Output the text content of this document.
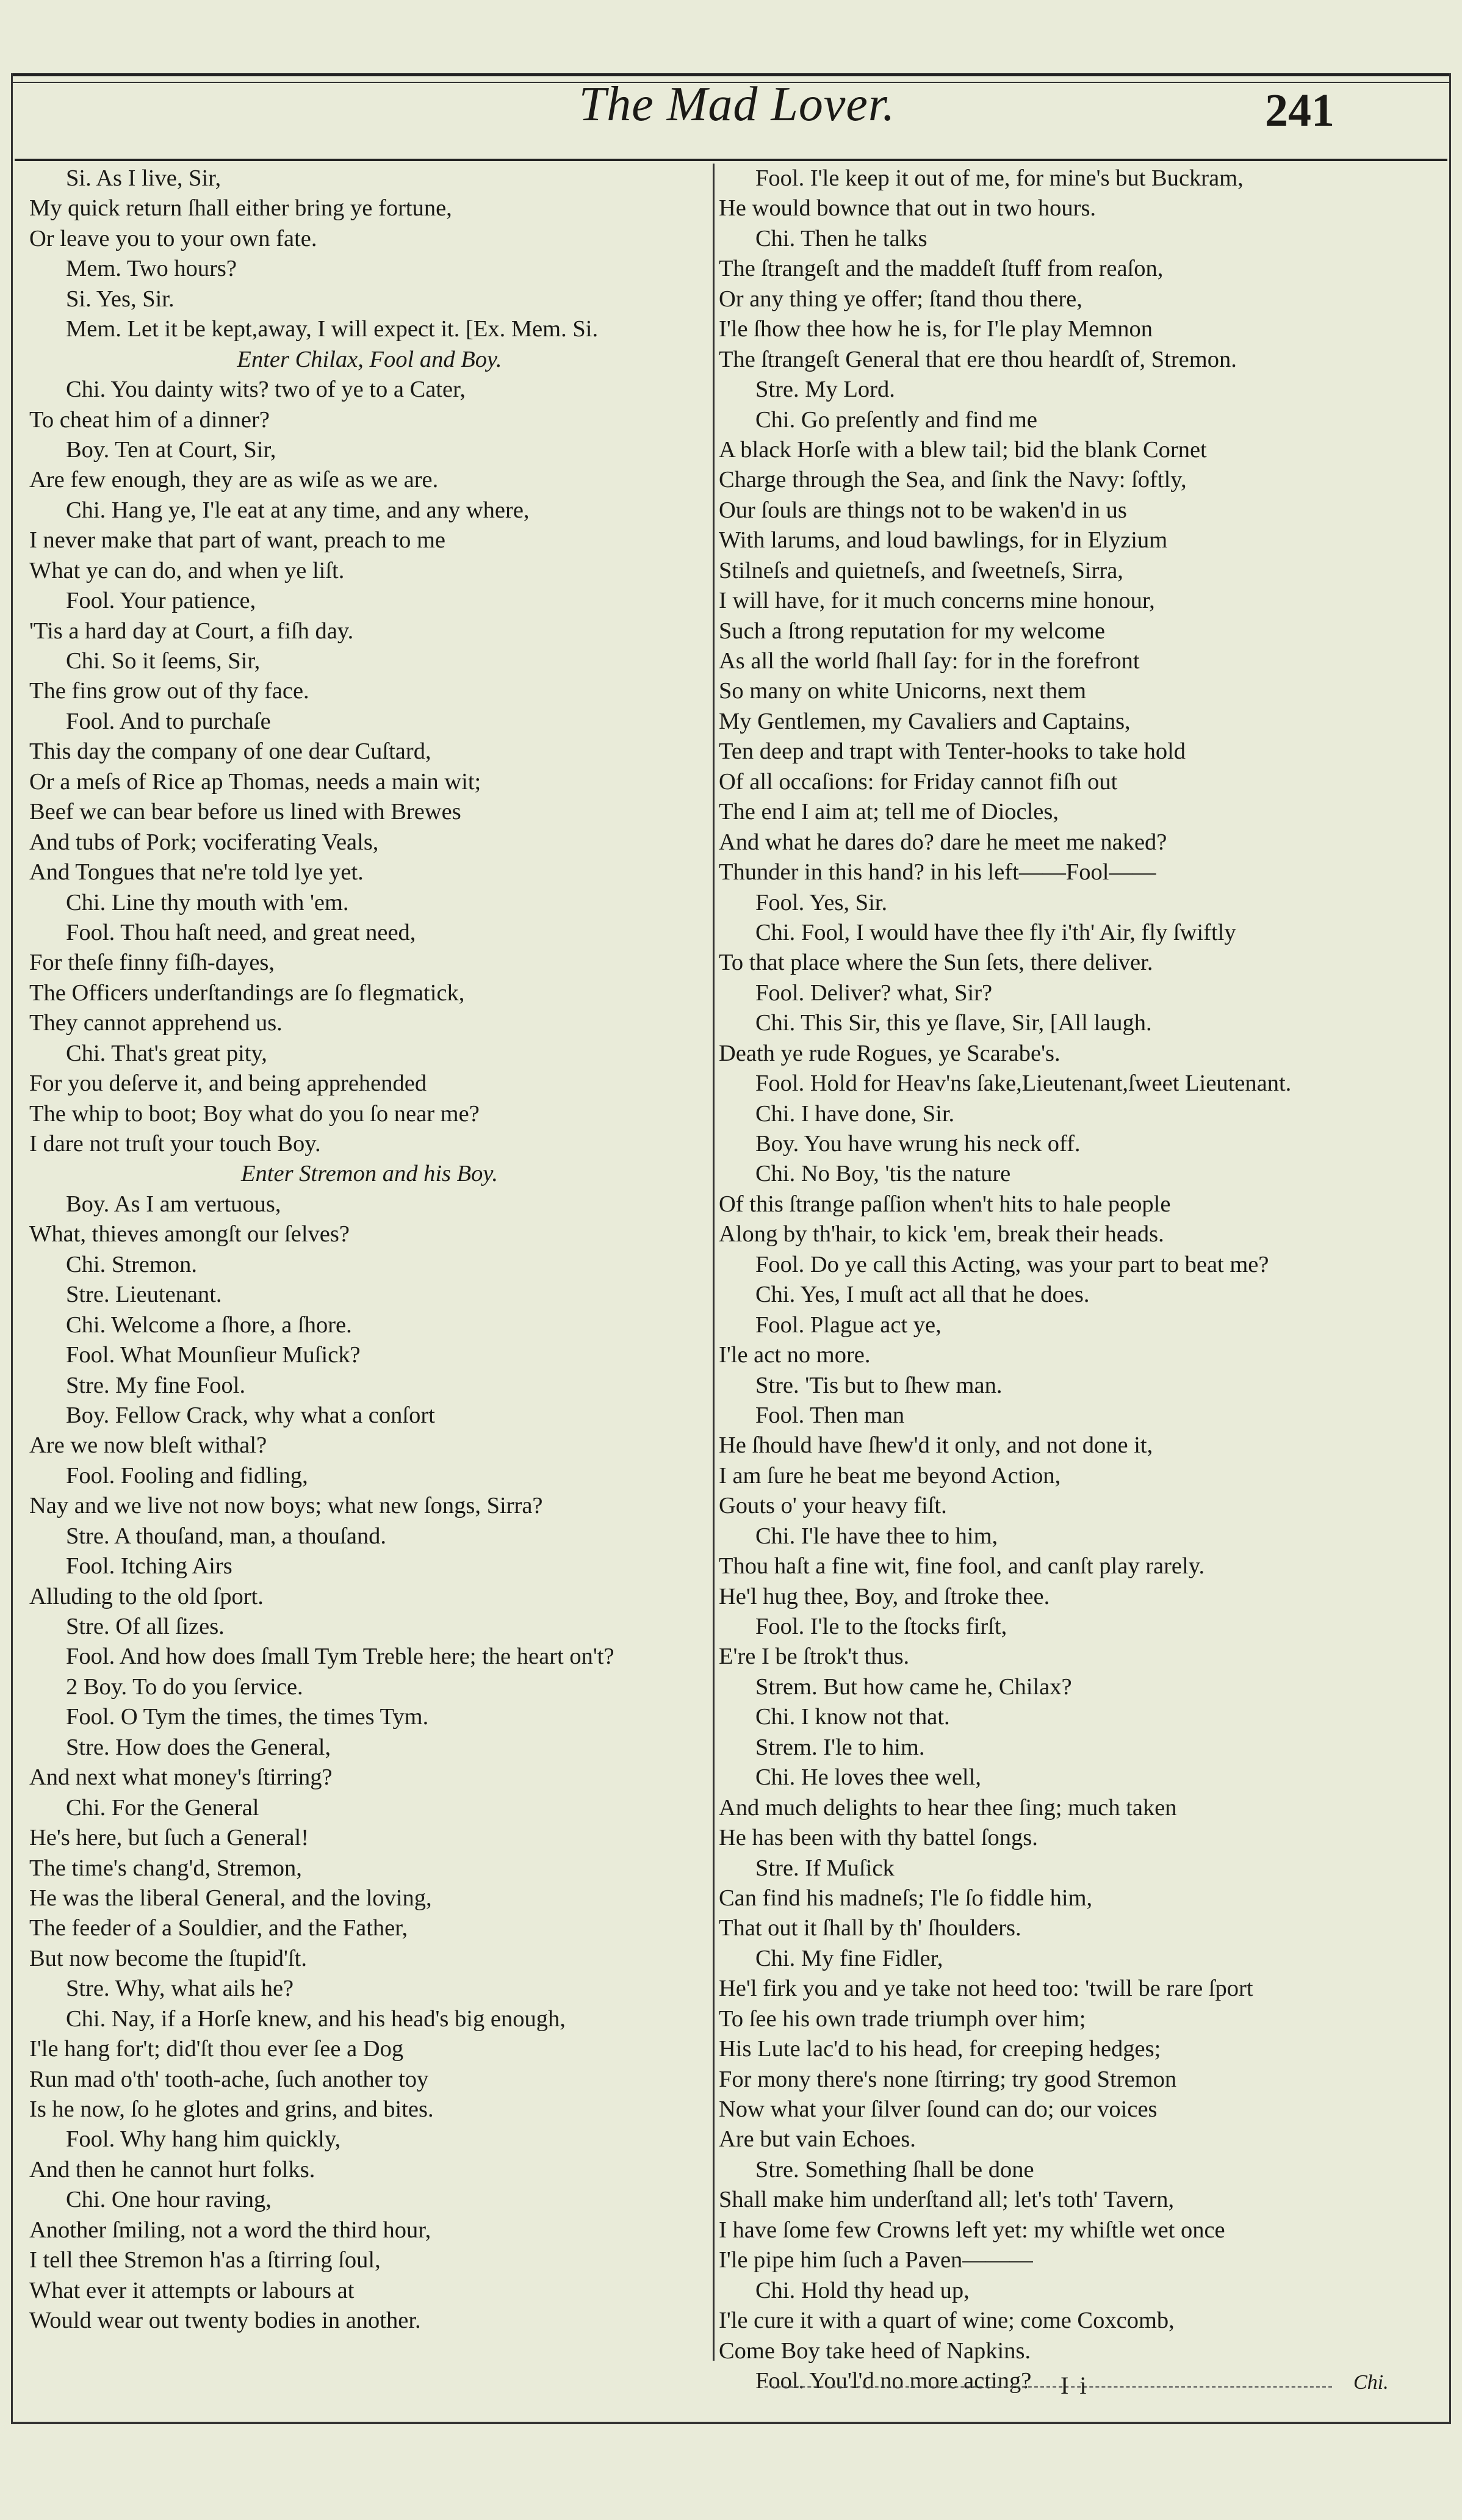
The Mad Lover.	241
Si. As I live, Sir,
My quick return ſhall either bring ye fortune,
Or leave you to your own fate.
Mem. Two hours?
Si. Yes, Sir.
Mem. Let it be kept,away, I will expect it. [Ex. Mem. Si.
Enter Chilax, Fool and Boy.
Chi. You dainty wits? two of ye to a Cater,
To cheat him of a dinner?
Boy. Ten at Court, Sir,
Are few enough, they are as wiſe as we are.
Chi. Hang ye, I'le eat at any time, and any where,
I never make that part of want, preach to me
What ye can do, and when ye liſt.
Fool. Your patience,
'Tis a hard day at Court, a fiſh day.
Chi. So it ſeems, Sir,
The fins grow out of thy face.
Fool. And to purchaſe
This day the company of one dear Cuſtard,
Or a meſs of Rice ap Thomas, needs a main wit;
Beef we can bear before us lined with Brewes
And tubs of Pork; vociferating Veals,
And Tongues that ne're told lye yet.
Chi. Line thy mouth with 'em.
Fool. Thou haſt need, and great need,
For theſe finny fiſh-dayes,
The Officers underſtandings are ſo flegmatick,
They cannot apprehend us.
Chi. That's great pity,
For you deſerve it, and being apprehended
The whip to boot; Boy what do you ſo near me?
I dare not truſt your touch Boy.
Enter Stremon and his Boy.
Boy. As I am vertuous,
What, thieves amongſt our ſelves?
Chi. Stremon.
Stre. Lieutenant.
Chi. Welcome a ſhore, a ſhore.
Fool. What Mounſieur Muſick?
Stre. My fine Fool.
Boy. Fellow Crack, why what a conſort
Are we now bleſt withal?
Fool. Fooling and fidling,
Nay and we live not now boys; what new ſongs, Sirra?
Stre. A thouſand, man, a thouſand.
Fool. Itching Airs
Alluding to the old ſport.
Stre. Of all ſizes.
Fool. And how does ſmall Tym Treble here; the heart on't?
2 Boy. To do you ſervice.
Fool. O Tym the times, the times Tym.
Stre. How does the General,
And next what money's ſtirring?
Chi. For the General
He's here, but ſuch a General!
The time's chang'd, Stremon,
He was the liberal General, and the loving,
The feeder of a Souldier, and the Father,
But now become the ſtupid'ſt.
Stre. Why, what ails he?
Chi. Nay, if a Horſe knew, and his head's big enough,
I'le hang for't; did'ſt thou ever ſee a Dog
Run mad o'th' tooth-ache, ſuch another toy
Is he now, ſo he glotes and grins, and bites.
Fool. Why hang him quickly,
And then he cannot hurt folks.
Chi. One hour raving,
Another ſmiling, not a word the third hour,
I tell thee Stremon h'as a ſtirring ſoul,
What ever it attempts or labours at
Would wear out twenty bodies in another.
Fool. I'le keep it out of me, for mine's but Buckram,
He would bownce that out in two hours.
Chi. Then he talks
The ſtrangeſt and the maddeſt ſtuff from reaſon,
Or any thing ye offer; ſtand thou there,
I'le ſhow thee how he is, for I'le play Memnon
The ſtrangeſt General that ere thou heardſt of, Stremon.
Stre. My Lord.
Chi. Go preſently and find me
A black Horſe with a blew tail; bid the blank Cornet
Charge through the Sea, and ſink the Navy: ſoftly,
Our ſouls are things not to be waken'd in us
With larums, and loud bawlings, for in Elyzium
Stilneſs and quietneſs, and ſweetneſs, Sirra,
I will have, for it much concerns mine honour,
Such a ſtrong reputation for my welcome
As all the world ſhall ſay: for in the forefront
So many on white Unicorns, next them
My Gentlemen, my Cavaliers and Captains,
Ten deep and trapt with Tenter-hooks to take hold
Of all occaſions: for Friday cannot fiſh out
The end I aim at; tell me of Diocles,
And what he dares do? dare he meet me naked?
Thunder in this hand? in his left——Fool——
Fool. Yes, Sir.
Chi. Fool, I would have thee fly i'th' Air, fly ſwiftly
To that place where the Sun ſets, there deliver.
Fool. Deliver? what, Sir?
Chi. This Sir, this ye ſlave, Sir, [All laugh.
Death ye rude Rogues, ye Scarabe's.
Fool. Hold for Heav'ns ſake,Lieutenant,ſweet Lieutenant.
Chi. I have done, Sir.
Boy. You have wrung his neck off.
Chi. No Boy, 'tis the nature
Of this ſtrange paſſion when't hits to hale people
Along by th'hair, to kick 'em, break their heads.
Fool. Do ye call this Acting, was your part to beat me?
Chi. Yes, I muſt act all that he does.
Fool. Plague act ye,
I'le act no more.
Stre. 'Tis but to ſhew man.
Fool. Then man
He ſhould have ſhew'd it only, and not done it,
I am ſure he beat me beyond Action,
Gouts o' your heavy fiſt.
Chi. I'le have thee to him,
Thou haſt a fine wit, fine fool, and canſt play rarely.
He'l hug thee, Boy, and ſtroke thee.
Fool. I'le to the ſtocks firſt,
E're I be ſtrok't thus.
Strem. But how came he, Chilax?
Chi. I know not that.
Strem. I'le to him.
Chi. He loves thee well,
And much delights to hear thee ſing; much taken
He has been with thy battel ſongs.
Stre. If Muſick
Can find his madneſs; I'le ſo fiddle him,
That out it ſhall by th' ſhoulders.
Chi. My fine Fidler,
He'l firk you and ye take not heed too: 'twill be rare ſport
To ſee his own trade triumph over him;
His Lute lac'd to his head, for creeping hedges;
For mony there's none ſtirring; try good Stremon
Now what your ſilver ſound can do; our voices
Are but vain Echoes.
Stre. Something ſhall be done
Shall make him underſtand all; let's toth' Tavern,
I have ſome few Crowns left yet: my whiſtle wet once
I'le pipe him ſuch a Paven———
Chi. Hold thy head up,
I'le cure it with a quart of wine; come Coxcomb,
Come Boy take heed of Napkins.
Fool. You'l'd no more acting?	I i	Chi.
